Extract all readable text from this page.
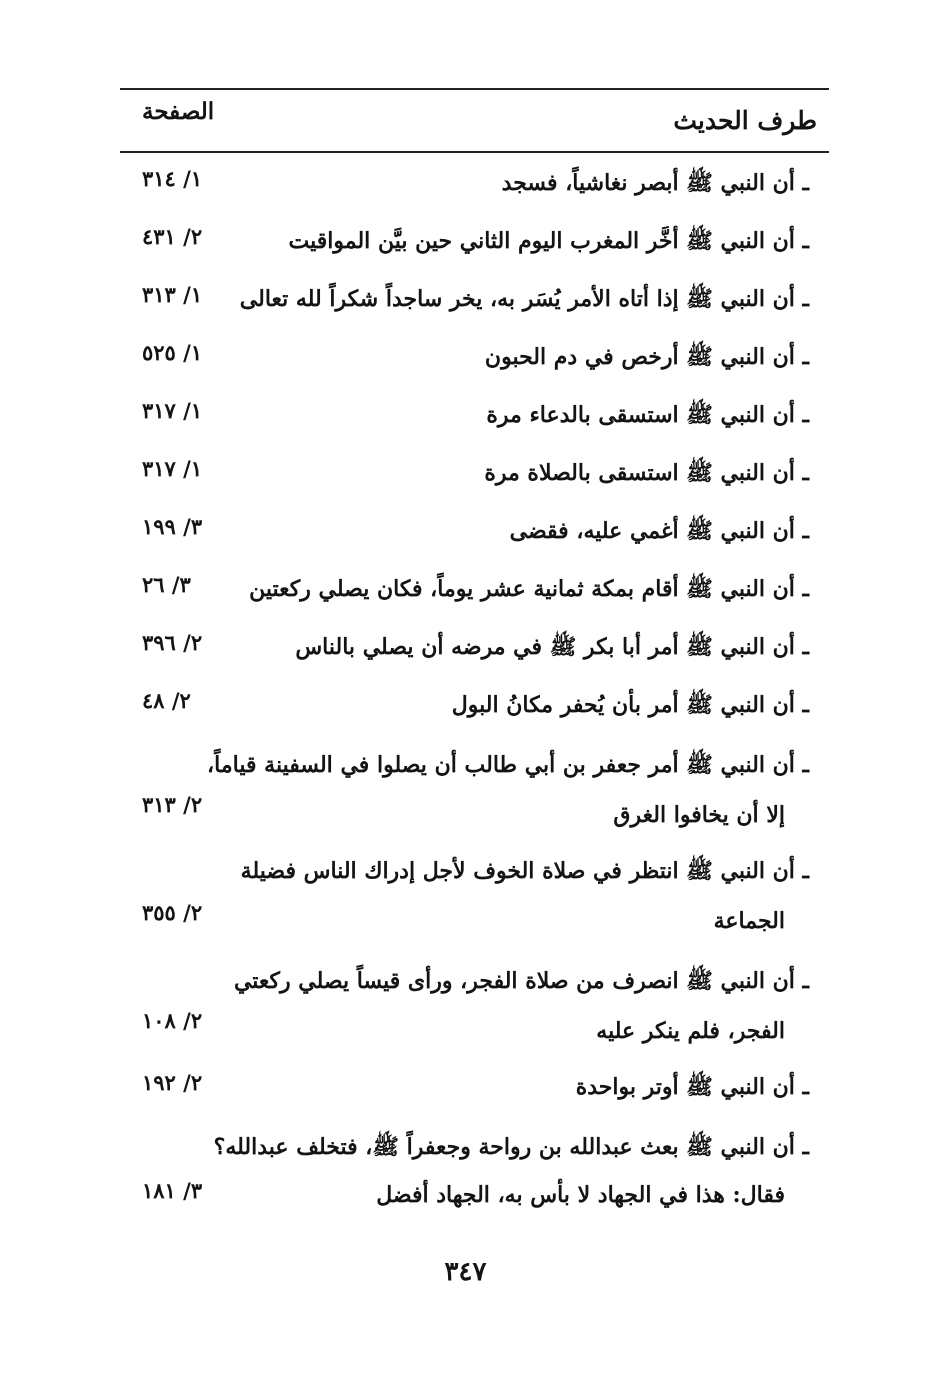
طرف الحديث
الصفحة
ـ أن النبي ﷺ أبصر نغاشياً، فسجد
١/ ٣١٤
ـ أن النبي ﷺ أخَّر المغرب اليوم الثاني حين بيَّن المواقيت
٢/ ٤٣١
ـ أن النبي ﷺ إذا أتاه الأمر يُسَر به، يخر ساجداً شكراً لله تعالى
١/ ٣١٣
ـ أن النبي ﷺ أرخص في دم الحبون
١/ ٥٢٥
ـ أن النبي ﷺ استسقى بالدعاء مرة
١/ ٣١٧
ـ أن النبي ﷺ استسقى بالصلاة مرة
١/ ٣١٧
ـ أن النبي ﷺ أغمي عليه، فقضى
٣/ ١٩٩
ـ أن النبي ﷺ أقام بمكة ثمانية عشر يوماً، فكان يصلي ركعتين
٣/ ٢٦
ـ أن النبي ﷺ أمر أبا بكر ﷺ في مرضه أن يصلي بالناس
٢/ ٣٩٦
ـ أن النبي ﷺ أمر بأن يُحفر مكانُ البول
٢/ ٤٨
ـ أن النبي ﷺ أمر جعفر بن أبي طالب أن يصلوا في السفينة قياماً،
إلا أن يخافوا الغرق
٢/ ٣١٣
ـ أن النبي ﷺ انتظر في صلاة الخوف لأجل إدراك الناس فضيلة
الجماعة
٢/ ٣٥٥
ـ أن النبي ﷺ انصرف من صلاة الفجر، ورأى قيساً يصلي ركعتي
الفجر، فلم ينكر عليه
٢/ ١٠٨
ـ أن النبي ﷺ أوتر بواحدة
٢/ ١٩٢
ـ أن النبي ﷺ بعث عبدالله بن رواحة وجعفراً ﷺ، فتخلف عبدالله؟
فقال: هذا في الجهاد لا بأس به، الجهاد أفضل
٣/ ١٨١
٣٤٧
